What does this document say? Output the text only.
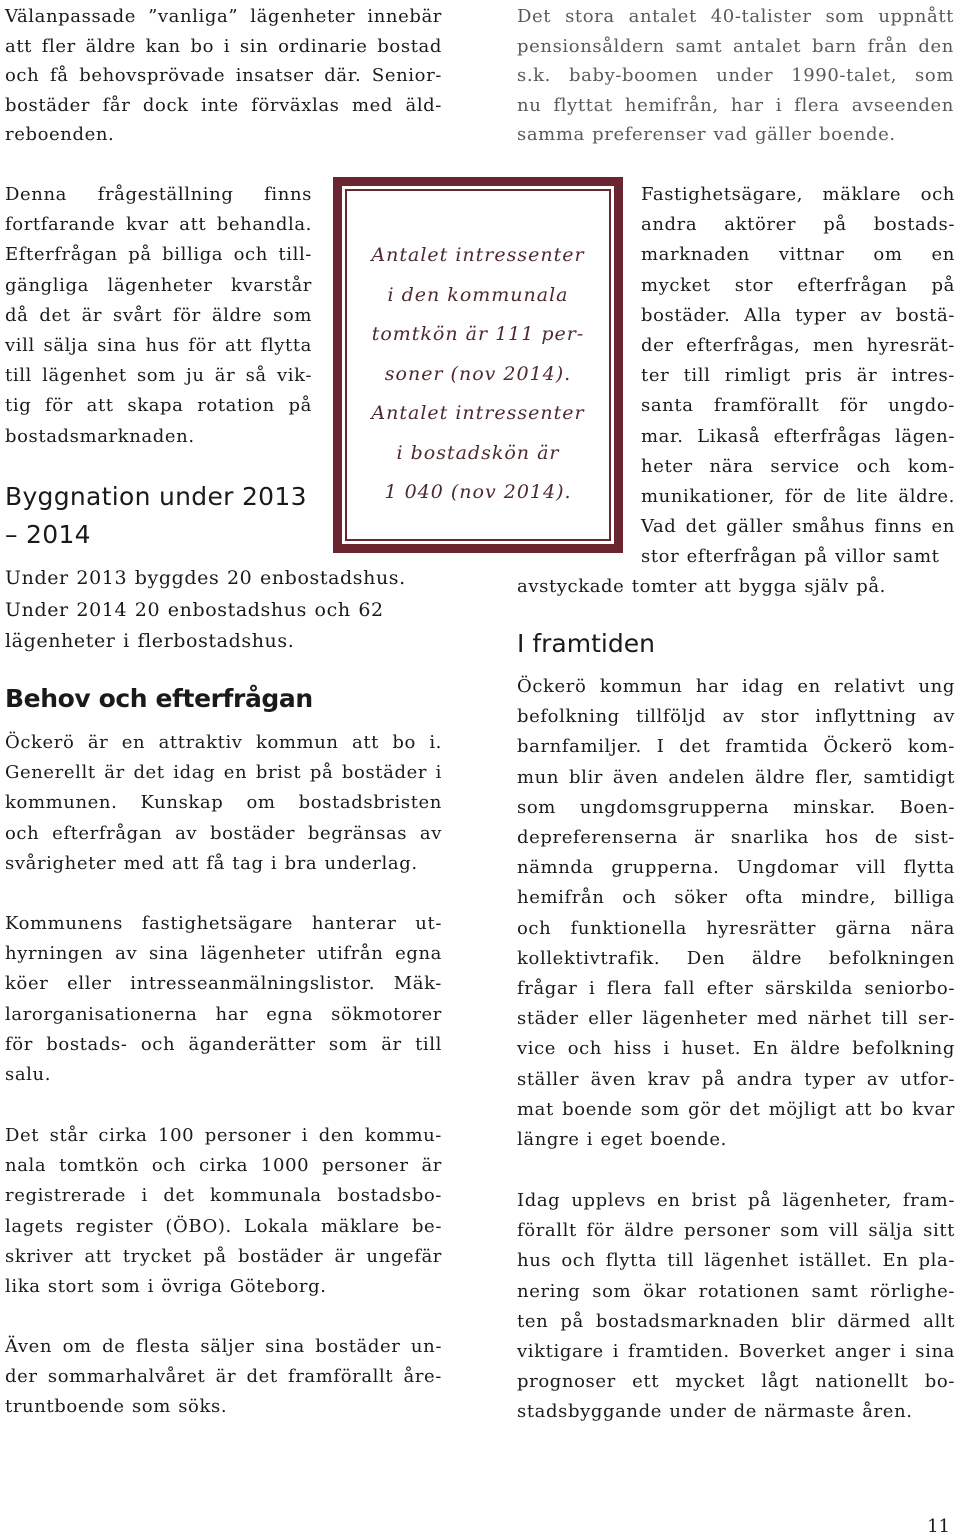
Välanpassade ”vanliga” lägenheter innebär
att fler äldre kan bo i sin ordinarie bostad
och få behovsprövade insatser där. Senior-
bostäder får dock inte förväxlas med äld-
reboenden.
Det stora antalet 40-talister som uppnått
pensionsåldern samt antalet barn från den
s.k. baby-boomen under 1990-talet, som
nu flyttat hemifrån, har i flera avseenden
samma preferenser vad gäller boende.
Denna frågeställning finns
fortfarande kvar att behandla.
Efterfrågan på billiga och till-
gängliga lägenheter kvarstår
då det är svårt för äldre som
vill sälja sina hus för att flytta
till lägenhet som ju är så vik-
tig för att skapa rotation på
bostadsmarknaden.
Byggnation under 2013
– 2014
Under 2013 byggdes 20 enbostadshus.
Under 2014 20 enbostadshus och 62
lägenheter i flerbostadshus.
Behov och efterfrågan
Öckerö är en attraktiv kommun att bo i.
Generellt är det idag en brist på bostäder i
kommunen. Kunskap om bostadsbristen
och efterfrågan av bostäder begränsas av
svårigheter med att få tag i bra underlag.
Kommunens fastighetsägare hanterar ut-
hyrningen av sina lägenheter utifrån egna
köer eller intresseanmälningslistor. Mäk-
larorganisationerna har egna sökmotorer
för bostads- och äganderätter som är till
salu.
Det står cirka 100 personer i den kommu-
nala tomtkön och cirka 1000 personer är
registrerade i det kommunala bostadsbo-
lagets register (ÖBO). Lokala mäklare be-
skriver att trycket på bostäder är ungefär
lika stort som i övriga Göteborg.
Även om de flesta säljer sina bostäder un-
der sommarhalvåret är det framförallt åre-
truntboende som söks.
Antalet intressenter
i den kommunala
tomtkön är 111 per-
soner (nov 2014).
Antalet intressenter
i bostadskön är
1 040 (nov 2014).
Fastighetsägare, mäklare och
andra aktörer på bostads-
marknaden vittnar om en
mycket stor efterfrågan på
bostäder. Alla typer av bostä-
der efterfrågas, men hyresrät-
ter till rimligt pris är intres-
santa framförallt för ungdo-
mar. Likaså efterfrågas lägen-
heter nära service och kom-
munikationer, för de lite äldre.
Vad det gäller småhus finns en
stor efterfrågan på villor samt
avstyckade tomter att bygga själv på.
I framtiden
Öckerö kommun har idag en relativt ung
befolkning tillföljd av stor inflyttning av
barnfamiljer. I det framtida Öckerö kom-
mun blir även andelen äldre fler, samtidigt
som ungdomsgrupperna minskar. Boen-
depreferenserna är snarlika hos de sist-
nämnda grupperna. Ungdomar vill flytta
hemifrån och söker ofta mindre, billiga
och funktionella hyresrätter gärna nära
kollektivtrafik. Den äldre befolkningen
frågar i flera fall efter särskilda seniorbo-
städer eller lägenheter med närhet till ser-
vice och hiss i huset. En äldre befolkning
ställer även krav på andra typer av utfor-
mat boende som gör det möjligt att bo kvar
längre i eget boende.
Idag upplevs en brist på lägenheter, fram-
förallt för äldre personer som vill sälja sitt
hus och flytta till lägenhet istället. En pla-
nering som ökar rotationen samt rörlighe-
ten på bostadsmarknaden blir därmed allt
viktigare i framtiden. Boverket anger i sina
prognoser ett mycket lågt nationellt bo-
stadsbyggande under de närmaste åren.
11
